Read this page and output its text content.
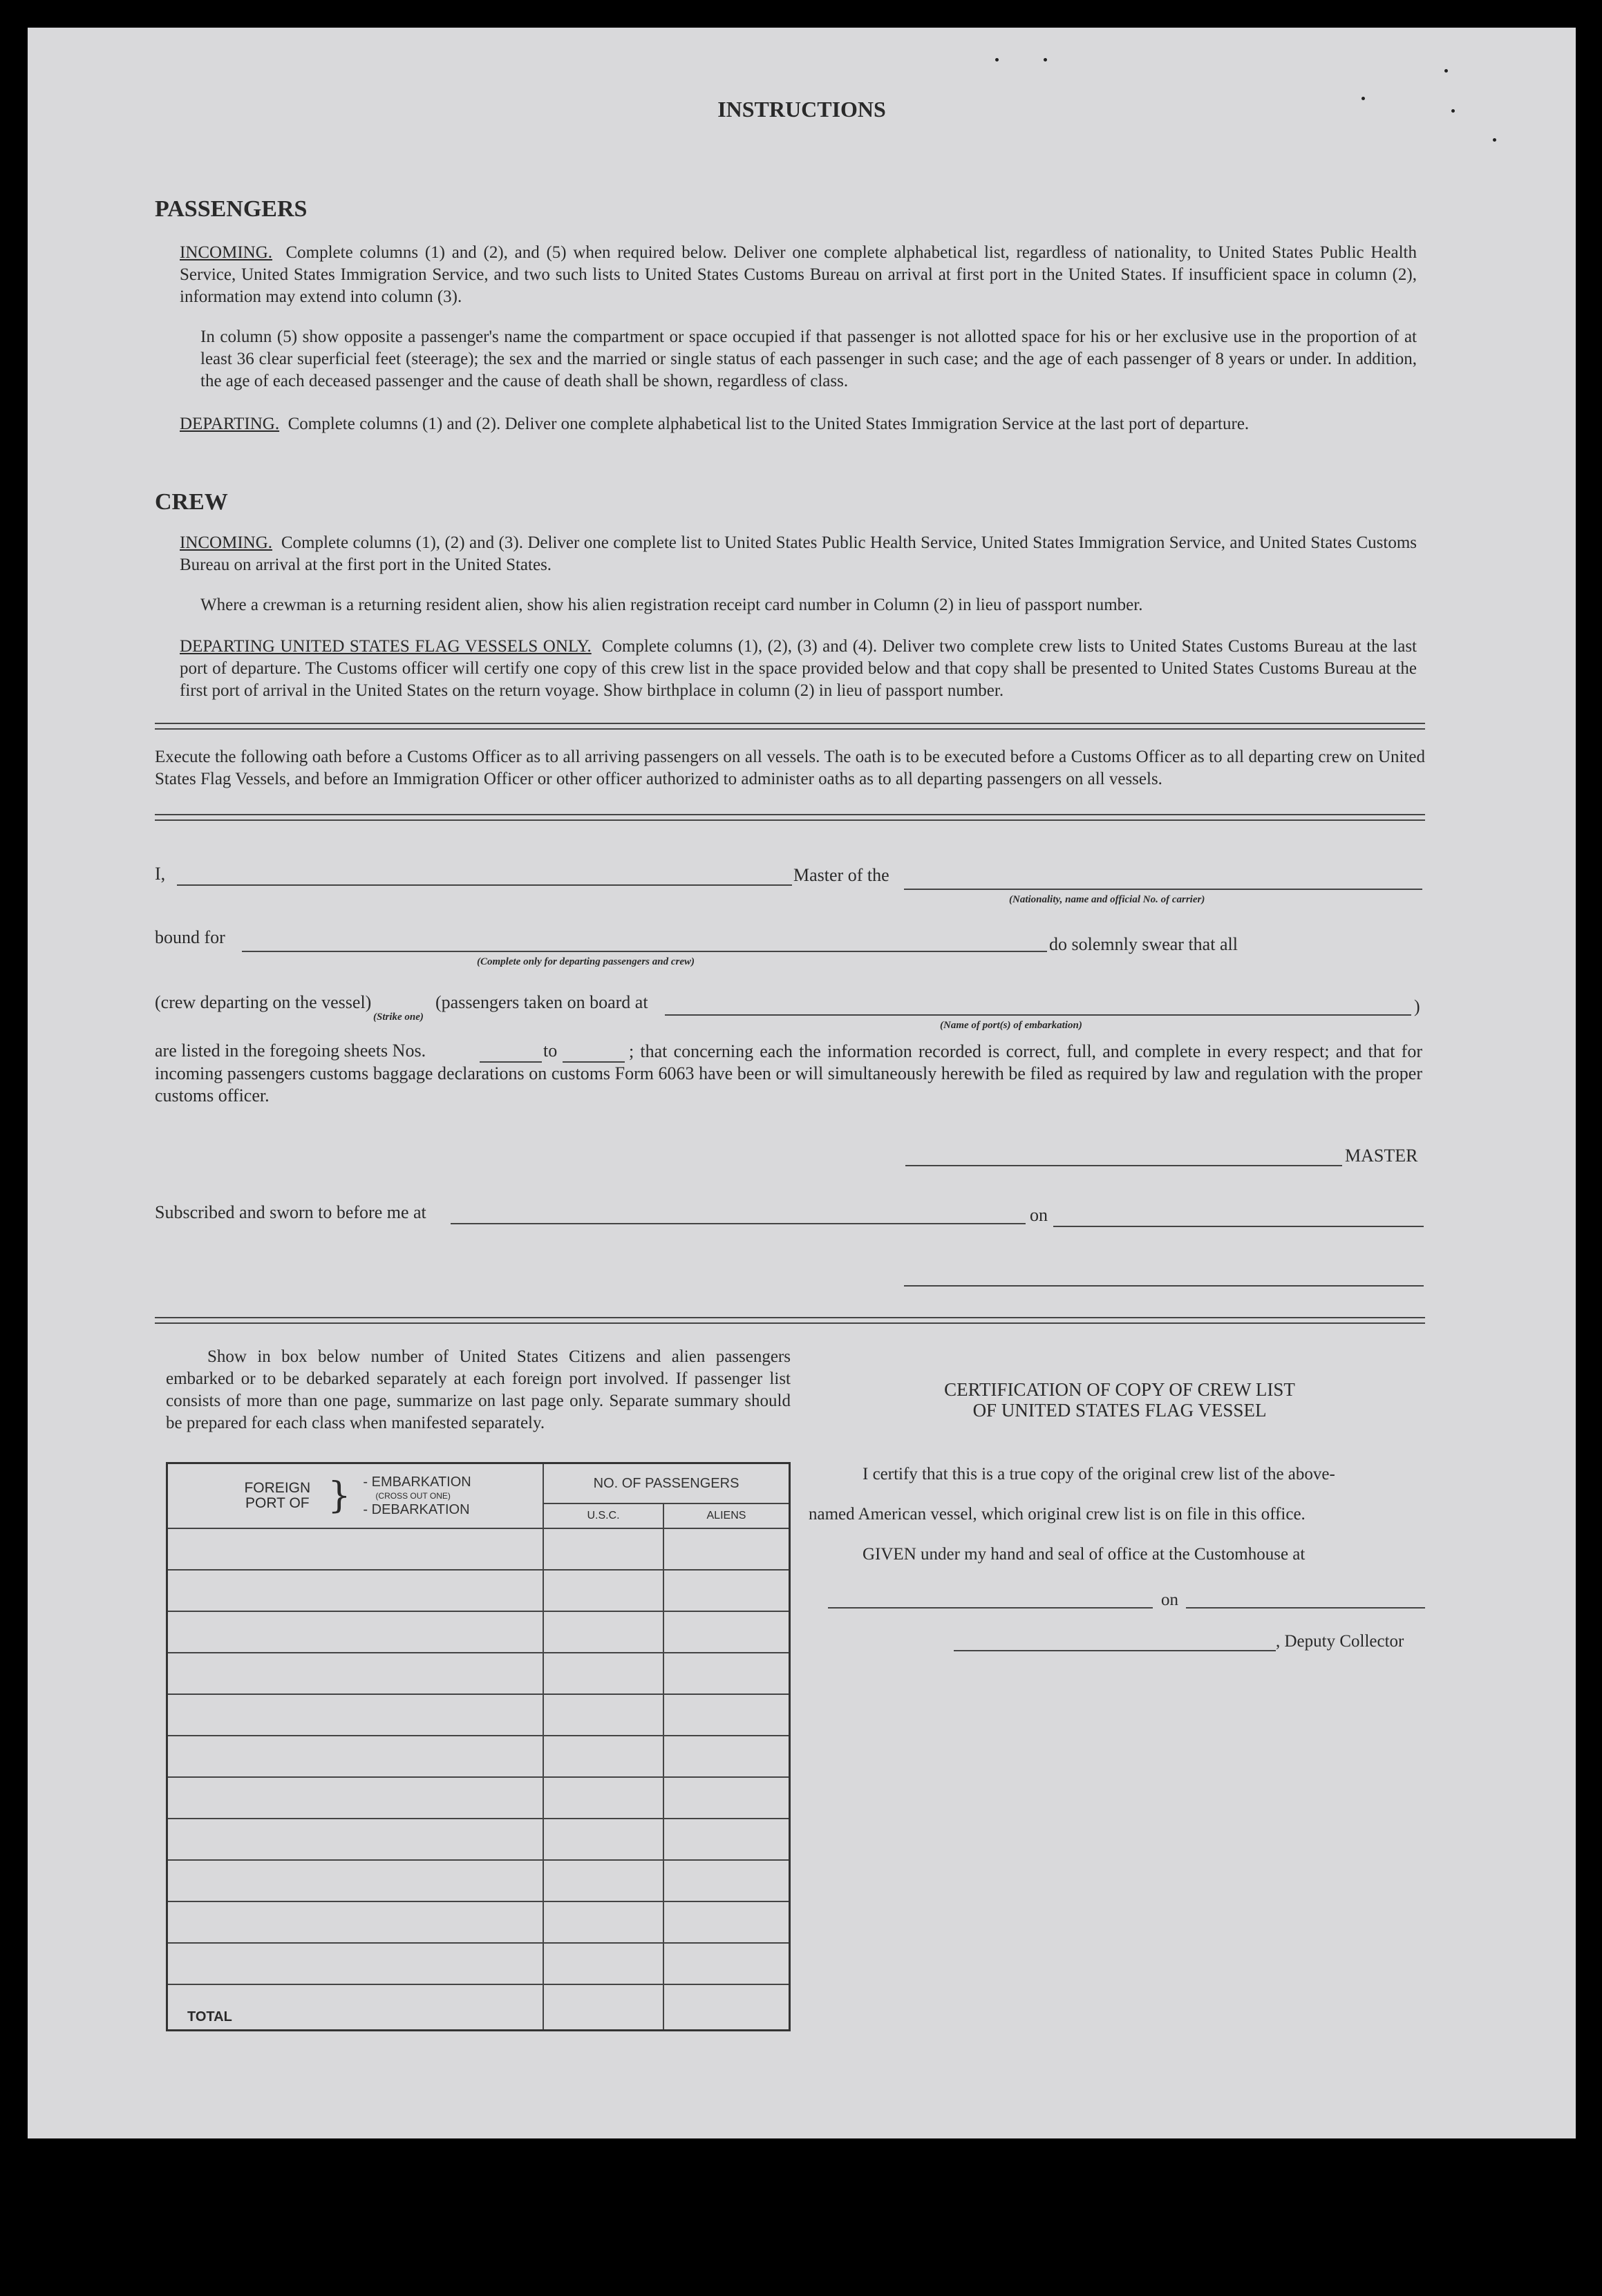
INSTRUCTIONS
PASSENGERS

INCOMING. Complete columns (1) and (2), and (5) when required below. Deliver one complete alphabetical list, regardless of nationality, to United States Public Health Service, United States Immigration Service, and two such lists to United States Customs Bureau on arrival at first port in the United States. If insufficient space in column (2), information may extend into column (3).

In column (5) show opposite a passenger's name the compartment or space occupied if that passenger is not allotted space for his or her exclusive use in the proportion of at least 36 clear superficial feet (steerage); the sex and the married or single status of each passenger in such case; and the age of each passenger of 8 years or under. In addition, the age of each deceased passenger and the cause of death shall be shown, regardless of class.

DEPARTING. Complete columns (1) and (2). Deliver one complete alphabetical list to the United States Immigration Service at the last port of departure.

CREW

INCOMING. Complete columns (1), (2) and (3). Deliver one complete list to United States Public Health Service, United States Immigration Service, and United States Customs Bureau on arrival at the first port in the United States.

Where a crewman is a returning resident alien, show his alien registration receipt card number in Column (2) in lieu of passport number.

DEPARTING UNITED STATES FLAG VESSELS ONLY. Complete columns (1), (2), (3) and (4). Deliver two complete crew lists to United States Customs Bureau at the last port of departure. The Customs officer will certify one copy of this crew list in the space provided below and that copy shall be presented to United States Customs Bureau at the first port of arrival in the United States on the return voyage. Show birthplace in column (2) in lieu of passport number.

Execute the following oath before a Customs Officer as to all arriving passengers on all vessels. The oath is to be executed before a Customs Officer as to all departing crew on United States Flag Vessels, and before an Immigration Officer or other officer authorized to administer oaths as to all departing passengers on all vessels.

I,	Master of the
(Nationality, name and official No. of carrier)
bound for	do solemnly swear that all
(Complete only for departing passengers and crew)
(crew departing on the vessel)	(passengers taken on board at	)
(Strike one)
(Name of port(s) of embarkation)
are listed in the foregoing sheets Nos.	to	; that concerning each the information recorded is correct, full, and complete in every respect; and that for incoming passengers customs baggage declarations on customs Form 6063 have been or will simultaneously herewith be filed as required by law and regulation with the proper customs officer.

MASTER
Subscribed and sworn to before me at	on

Show in box below number of United States Citizens and alien passengers embarked or to be debarked separately at each foreign port involved. If passenger list consists of more than one page, summarize on last page only. Separate summary should be prepared for each class when manifested separately.

FOREIGN PORT OF } - EMBARKATION
(CROSS OUT ONE)
- DEBARKATION	NO. OF PASSENGERS	
	U.S.C.	ALIENS

TOTAL		
CERTIFICATION OF COPY OF CREW LIST
OF UNITED STATES FLAG VESSEL
I certify that this is a true copy of the original crew list of the above-
named American vessel, which original crew list is on file in this office.
GIVEN under my hand and seal of office at the Customhouse at
on
, Deputy Collector
